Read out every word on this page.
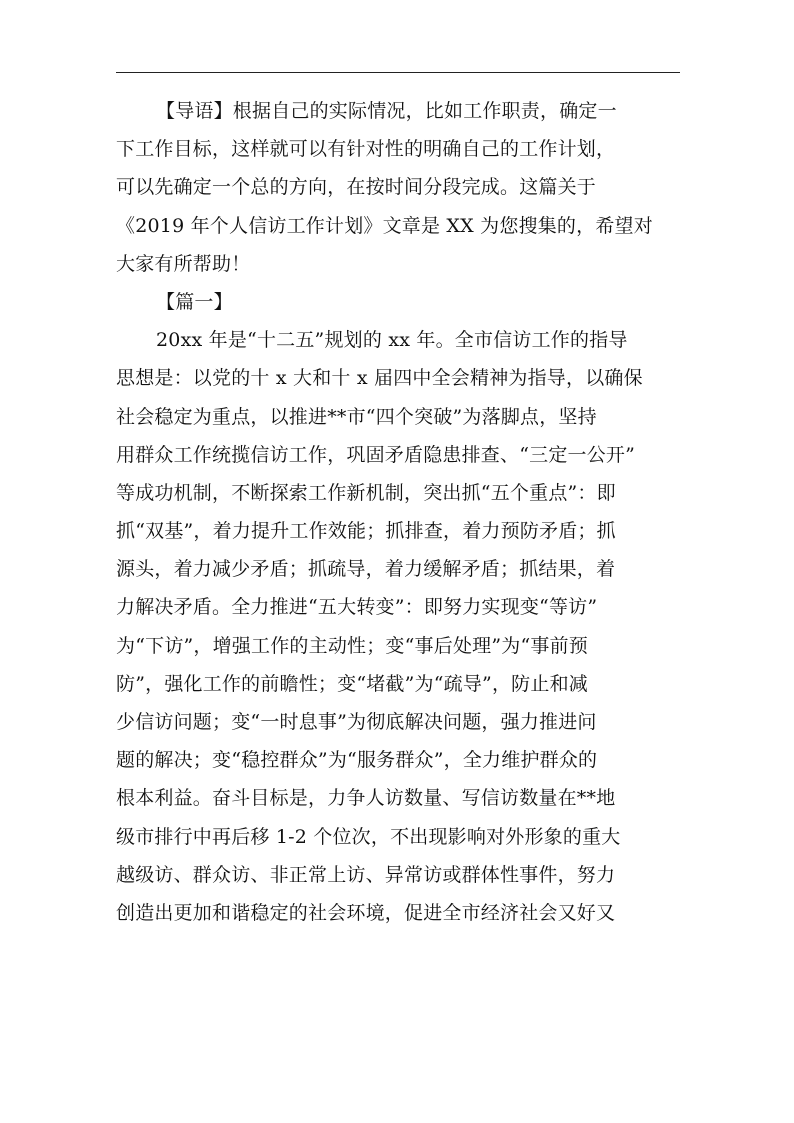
【导语】根据自己的实际情况，比如工作职责，确定一
下工作目标，这样就可以有针对性的明确自己的工作计划，
可以先确定一个总的方向，在按时间分段完成。这篇关于
《2019 年个人信访工作计划》文章是 XX 为您搜集的，希望对
大家有所帮助！
【篇一】
20xx 年是“十二五”规划的 xx 年。全市信访工作的指导
思想是：以党的十 x 大和十 x 届四中全会精神为指导，以确保
社会稳定为重点，以推进**市“四个突破”为落脚点，坚持
用群众工作统揽信访工作，巩固矛盾隐患排查、“三定一公开”
等成功机制，不断探索工作新机制，突出抓“五个重点”：即
抓“双基”，着力提升工作效能；抓排查，着力预防矛盾；抓
源头，着力减少矛盾；抓疏导，着力缓解矛盾；抓结果，着
力解决矛盾。全力推进“五大转变”：即努力实现变“等访”
为“下访”，增强工作的主动性；变“事后处理”为“事前预
防”，强化工作的前瞻性；变“堵截”为“疏导”，防止和减
少信访问题；变“一时息事”为彻底解决问题，强力推进问
题的解决；变“稳控群众”为“服务群众”，全力维护群众的
根本利益。奋斗目标是，力争人访数量、写信访数量在**地
级市排行中再后移 1-2 个位次，不出现影响对外形象的重大
越级访、群众访、非正常上访、异常访或群体性事件，努力
创造出更加和谐稳定的社会环境，促进全市经济社会又好又
